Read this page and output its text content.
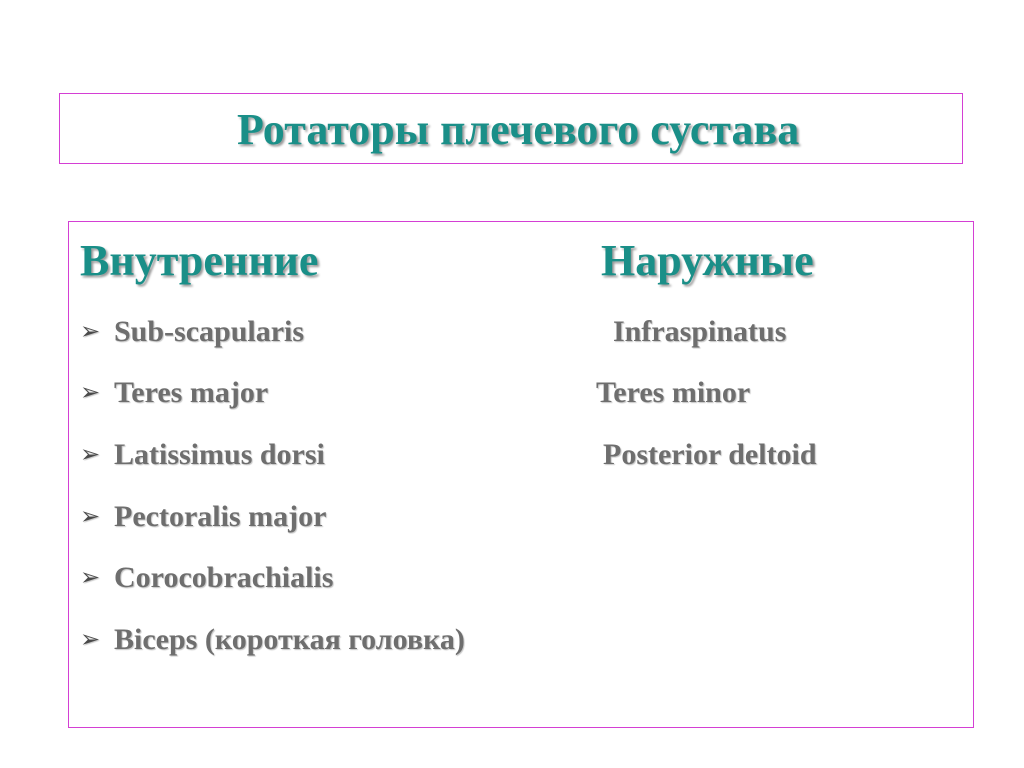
Ротаторы плечевого сустава
Внутренние	Наружные
➢ Sub-scapularis
➢ Teres major
➢ Latissimus dorsi
➢ Pectoralis major
➢ Corocobrachialis
➢ Biceps (короткая головка)
Infraspinatus
Teres minor
Posterior deltoid
